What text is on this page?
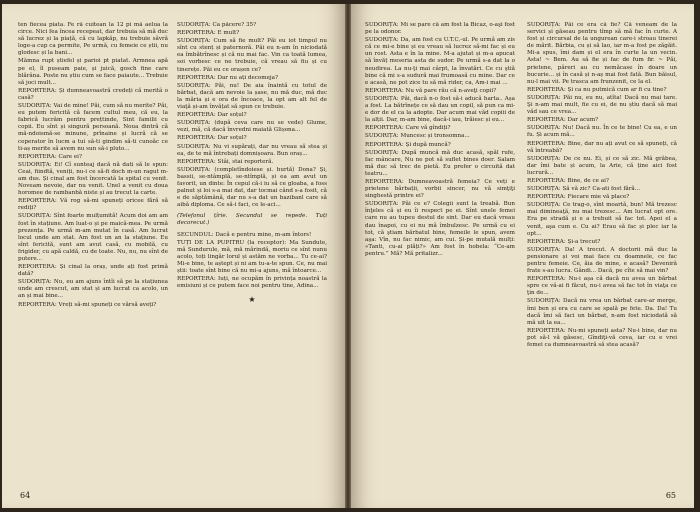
ten fiecea piata. Fe ră cuitean la 12 pi mă aelua la circe. Nici fea încea recepeat, dar trebuia să mă duc să lucrez și la piață, că cu lapkăp, nu trebuie săvră loge-a cup ca permite, Pe urmă, cu femeie ce știi, nu glodesc și la bani...

Mămna rupt știefel și parioi pt piatat. Armnea apă pe el, îl puseam paie, și juică, gosch fine care blărâna. Poste nu știu cum se face paiaute... Trebuie să joci mult...

REPORTERA: Și dumneavoastră credeți că meritã o casă?

SUDORIȚA: Vai de mine! Păi, cum să nu merite? Păi, eu putem fericită că facem cultul meu, că eu, la fabrică lucrăm pentru prețtinde, Sint familii cu copii. Eu sînt și singură persoană. Noua dintră că mă-ndoismă-se minune, prînaine și lucră că se ceperator în lucm a tui să-ti gindim să-ti cunoăc ce ti-aș merite să avem nu sun să-i pluto...

REPORTERA: Care ei?

SUDORIȚA: Ei! Cî sunteaj dacă nă dati să le spun: Ceai, fiindtă, veniți, nu-i ce să-fi doch m-un ragut m-am dus. Și cinal am fost încercată la spital cu venit. Noveam nevoie, dar nu venit. Unel a venit cu doua horomee de rambanbă niste și au trecut la carte.

REPORTERA: Vă rog să-mi spuneți oricee fără să rediți?

SUDORIȚA: Sînt foarte mulțumită! Acum doi am am fost în stațiune. Am luat-o și pe maică-mea. Pe urmă prezența. Pe urmă m-am mutat în casă. Am lucrat locul unde am stat. Am fost un an la stațiune. Eu sînt fericită, sunt am avut casă, cu mobilă, cu frigider, cu apă caldă, cu de toate. Nu, nu, nu sînt de putere...

REPORTERA: Și cinal la oraș, unde ați fost primă dată?

SUDORIȚA: Nu, eu am ajuns întîi să pe la stațiunea unde am crescut, am stat și am lucrat ca acolo, un an și mai bine...

REPORTERA: Vreți să-mi spuneți ce vărsă aveți?

SUDORIȚA: Ca păcere? 35?

REPORTERA: E mult?

SUDORIȚA: Cum să fie mult? Păi eu iot timpul nu sînt cu stenț și paternoră. Păi eu n-am în niciodată ea îmbătrînesc și că nu mai fac. Vin ca toată lumea, soi vorbesc ce ne trebuie, că vreau să fiu și cu tinerețe. Păi eu ce orașen ce?

REPORTERA: Dar nu ați decomeja?

SUDORIȚA: Păi, nu! De aia înaintă cu totul de bărbat, dacă am nevoie la șase, nu mă duc, mă duc la măria și e ora de încoace, la opt am alt fel de viaţă și-am învățat să spun ce trebuie.

REPORTERA: Dar soțul?

SUDORIȚA: (după ceva care nu se vede) Glume, vezi, mă, că dacă învredni maiată Glișona...

REPORTERA: Dar soțul?

SUDORIȚA: Nu vi supărați, dar nu vreau să stea și ea, de te mă întrebați domnișoara. Bun oraș...

REPORTERA: Stâi, stai reporteră.

SUDORIȚA: (completîndoiese și. burtă) Dona? Și, bassii, se-ntâmplă, se-ntîmplă, și ea am avut un favorit, un dinte: În cepul că-i iu să ce gloaba, a foss palnut și loi s-a mai dat, dar tocmai când s-a fosit, că e de săptămână, dar nu s-a dat un bazibanl care să aibă diploma. Ce să-i faci, ce le-aci...

(Telefonul țîrie. Secundul se repede. Tuți decorecut.)

SECUNDUL: Dacă e pentru mine, m-am întors!

TUȚI DE LA PUPITRU (la receptor): Ma Sundute, mă Sundurule, mă, mă mărindă, moriu ce sînt nunu acolo, toți lingăr lorul și astăm ne vorba... Tu ce-ai? Mi-e bine, te aștept și ni am tu-a-te spun. Ce, nu mai știi: toate sînt bine că nu mi-a ajuns, mă întoarce...

REPORTERA: Iuți, ne ocupăm în privința noastră la emisiuni și ce putem face noi pentru tine, Adina...

★

64

SUDORIȚA: Mi se pare că am fost la Bicaz, o-aşi fost pe la odonor.

SUDORIȚA: Da, am fost cu U.T.C.-ul. Pe urmă am zis că ce mi-e bine și eu vreau să lucrez să-mi fac și eu un rost. Asta e în la mine. M-a ajutat și m-a apucat să învăț meseria asta de sudor. Pe urmă s-a dat la o neudirea. La nu-ţi mai cârpt, la învatări. Ce cu ştiă bine că mi s-a sudură mai frumoasă cu mine. Dar ce e acasă, ne pot zice tu să mă rider, ca, Am-i mai ...

REPORTERA: Nu vă pare rău că n-aveţi copii?

SUDORIȚA: Păi, dacă n-o fost să-i aducă harta.. Așa a fost. La bătrînețe ce să dau un copil, să pun ca mi-e dor de el ca la adopte. Dar acum mai văd copiii de la alții. Dar, m-am bine, dacă-i iau, trăiesc și eu...

REPORTERA: Care vă gîndiți?

SUDORIȚA: Muncesc și tronsomna...

REPORTERA: Și după muncă?

SUDORIȚA: După muncă mă duc acasă, spăl rufe, fac mâncare, Nu ne pot să suflet bines doer. Salam mă duc să trec de pietă. Eu prefer o circuită dat teatru...

REPORTERA: Dumneavoastră femeia? Ce veți e prietene bărbații, vorbii sincer, nu vă simţiţi singhestă printre ei?

SUDORIȚA: Păi ce e? Colegii sunt la treabă. Bun înţeles că și eu îi respect pe ei. Sînt unele femei care nu au tupeu destul de sint. Dar eu dacă vreau dau înapoi, cu ei nu mă îmbulzesc. Pe urmă cu ei tot, că ştiam bărbatul bine, femeile le spun, avem aşa: Vîn, nu fac nimic, am cui. Și-pe mutală mulți: «Tanti, cu-ai plăți?» Am fost în hobela: “Ce-am pentru.” Mă? Mă pritalizr...

SUDORIȚA: Păi ce era că fie? Că veneam de la servici și găseau pentru tîmp să mă fac în curte. A fost și circursal de la ungurean care-i stroau tinerei de mărit. Bărbia, cu și să lao, iar m-a fost pe zăgăit. Mi-a spus, îmi dam și el era în curte la un vecin. Asta! ~ Bem. Au să fie și fac de fum fir. ~ Păi, prietene, păreri au cu nemăcase în doare un bucurie... și în casă și n-aș mai fost fată. Bun băisul, nu-l mai vii. Pe trasca am frunzenit, ce la el.

REPORTERA: Și ca nu putmică cum ar fi cu tine?

SUDORIȚA: Păi nu, eu nu, atîta! Dacă nu mai tare. Şi n-am mai mult, fie cu ei, de nu știu dacă să mai văd sau ce vrea...

REPORTERA: Dar acum?

SUDORIȚA: Nu! Dacă nu. În ce te bine! Cu ea, e un fu. Și acum mă...

REPORTERA: Bine, dar nu ați avut ce să spuneți, că vă întreabă?

SUDORIȚA: De ce nu. Ei, și ce să zic. Mă grăbea, dar îmi bate și acum, la Arie, că ține aici fost lucrură...

REPORTERA: Bine, de ce ai?

SUDORIȚA: Să vă zic? Ca-ati fost fără...

REPORTERA: Fiecare mie vă place?

SUDORIȚA: Ce trag-o, sînt moartă, bun! Mă trezesc mai dimineaţă, nu mai trezesc... Am lucrat opt ore. Era pe stradă și e a trebuit să fac tot. Apoi el a venit, aşa cum e. Cu ai? Erau să fac și plec iar la opt...

REPORTERA: Și-a trecut?

SUDORIȚA: Da! A trecut. A doctorii mă duc la pensionare și voi mai face cu doamnele, ce fac pentru femeie. Ce, ăia de mine, e acasă? Deveniră frate s-au lucra. Gândi... Dacă, pe cîte să mai vin?

REPORTERA: Nu-i așa că dacă nu avea un bărbat spre ce vă-ai fi făcut, nu-i avea să fac tot în viaţa ce ţin de...

SUDORIȚA: Dacă nu vrea un bărbat care-ar merge, îmi ben și era cu care se spală pe fete. Da. Da! Tu dacă îmi să faci un bărbat, n-am fost niciodată să mă uit la ea...

REPORTERA: Nu-mi spuneți asta? Nu-i bine, dar nu pot să-l vă găsesc, Gîndiţi-vă ceva, iar cu e vrei femei ca dumneavoastră să stea acasă?

65
